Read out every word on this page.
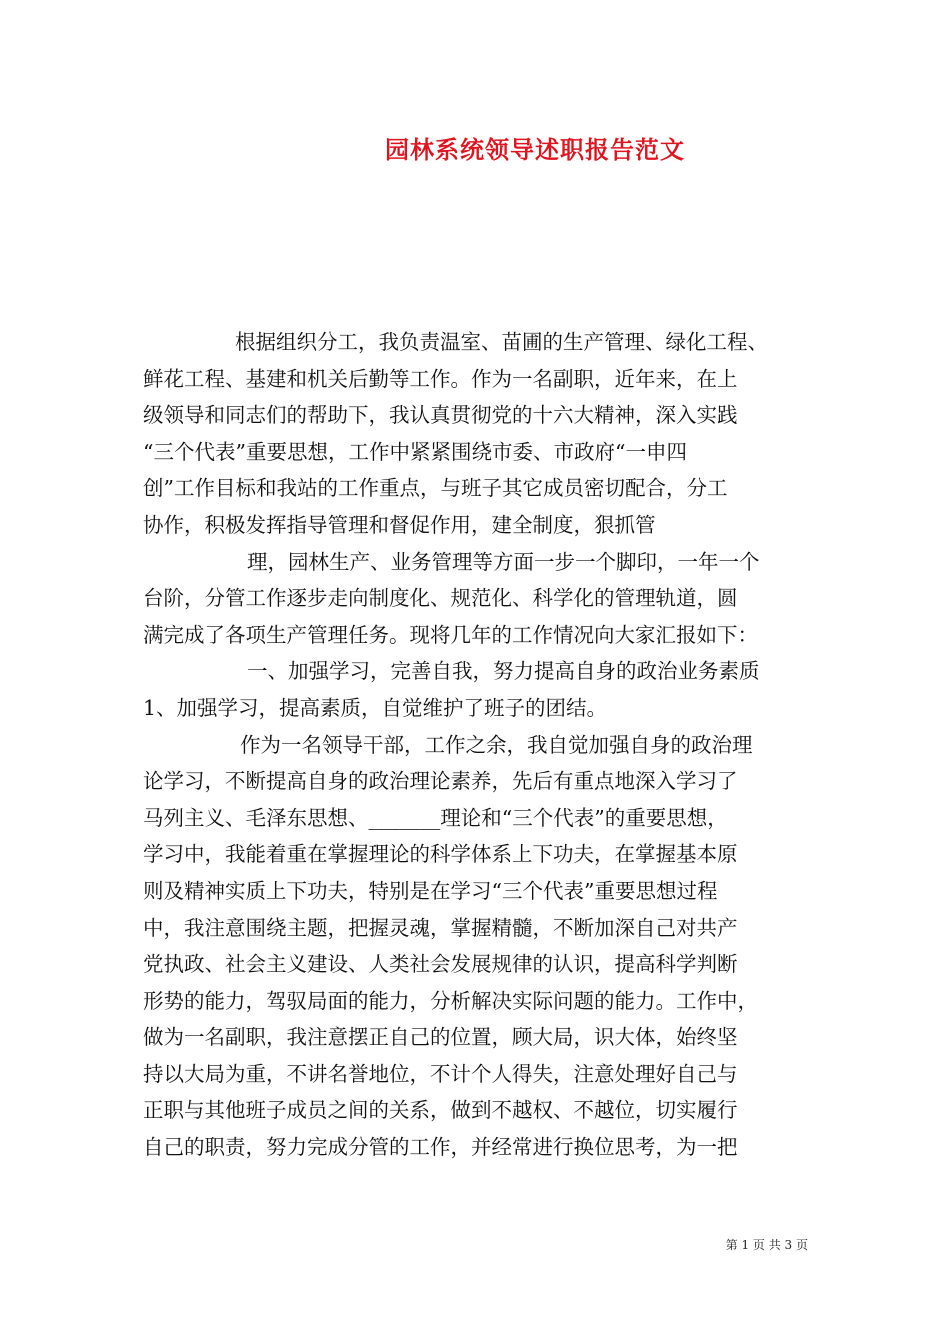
园林系统领导述职报告范文
根据组织分工，我负责温室、苗圃的生产管理、绿化工程、
鲜花工程、基建和机关后勤等工作。作为一名副职，近年来，在上
级领导和同志们的帮助下，我认真贯彻党的十六大精神，深入实践
“三个代表”重要思想，工作中紧紧围绕市委、市政府“一申四
创”工作目标和我站的工作重点，与班子其它成员密切配合，分工
协作，积极发挥指导管理和督促作用，建全制度，狠抓管
理，园林生产、业务管理等方面一步一个脚印，一年一个
台阶，分管工作逐步走向制度化、规范化、科学化的管理轨道，圆
满完成了各项生产管理任务。现将几年的工作情况向大家汇报如下：
一、加强学习，完善自我，努力提高自身的政治业务素质
1、加强学习，提高素质，自觉维护了班子的团结。
作为一名领导干部，工作之余，我自觉加强自身的政治理
论学习，不断提高自身的政治理论素养，先后有重点地深入学习了
马列主义、毛泽东思想、_______理论和“三个代表”的重要思想，
学习中，我能着重在掌握理论的科学体系上下功夫，在掌握基本原
则及精神实质上下功夫，特别是在学习“三个代表”重要思想过程
中，我注意围绕主题，把握灵魂，掌握精髓，不断加深自己对共产
党执政、社会主义建设、人类社会发展规律的认识，提高科学判断
形势的能力，驾驭局面的能力，分析解决实际问题的能力。工作中，
做为一名副职，我注意摆正自己的位置，顾大局，识大体，始终坚
持以大局为重，不讲名誉地位，不计个人得失，注意处理好自己与
正职与其他班子成员之间的关系，做到不越权、不越位，切实履行
自己的职责，努力完成分管的工作，并经常进行换位思考，为一把
第 1 页 共 3 页
